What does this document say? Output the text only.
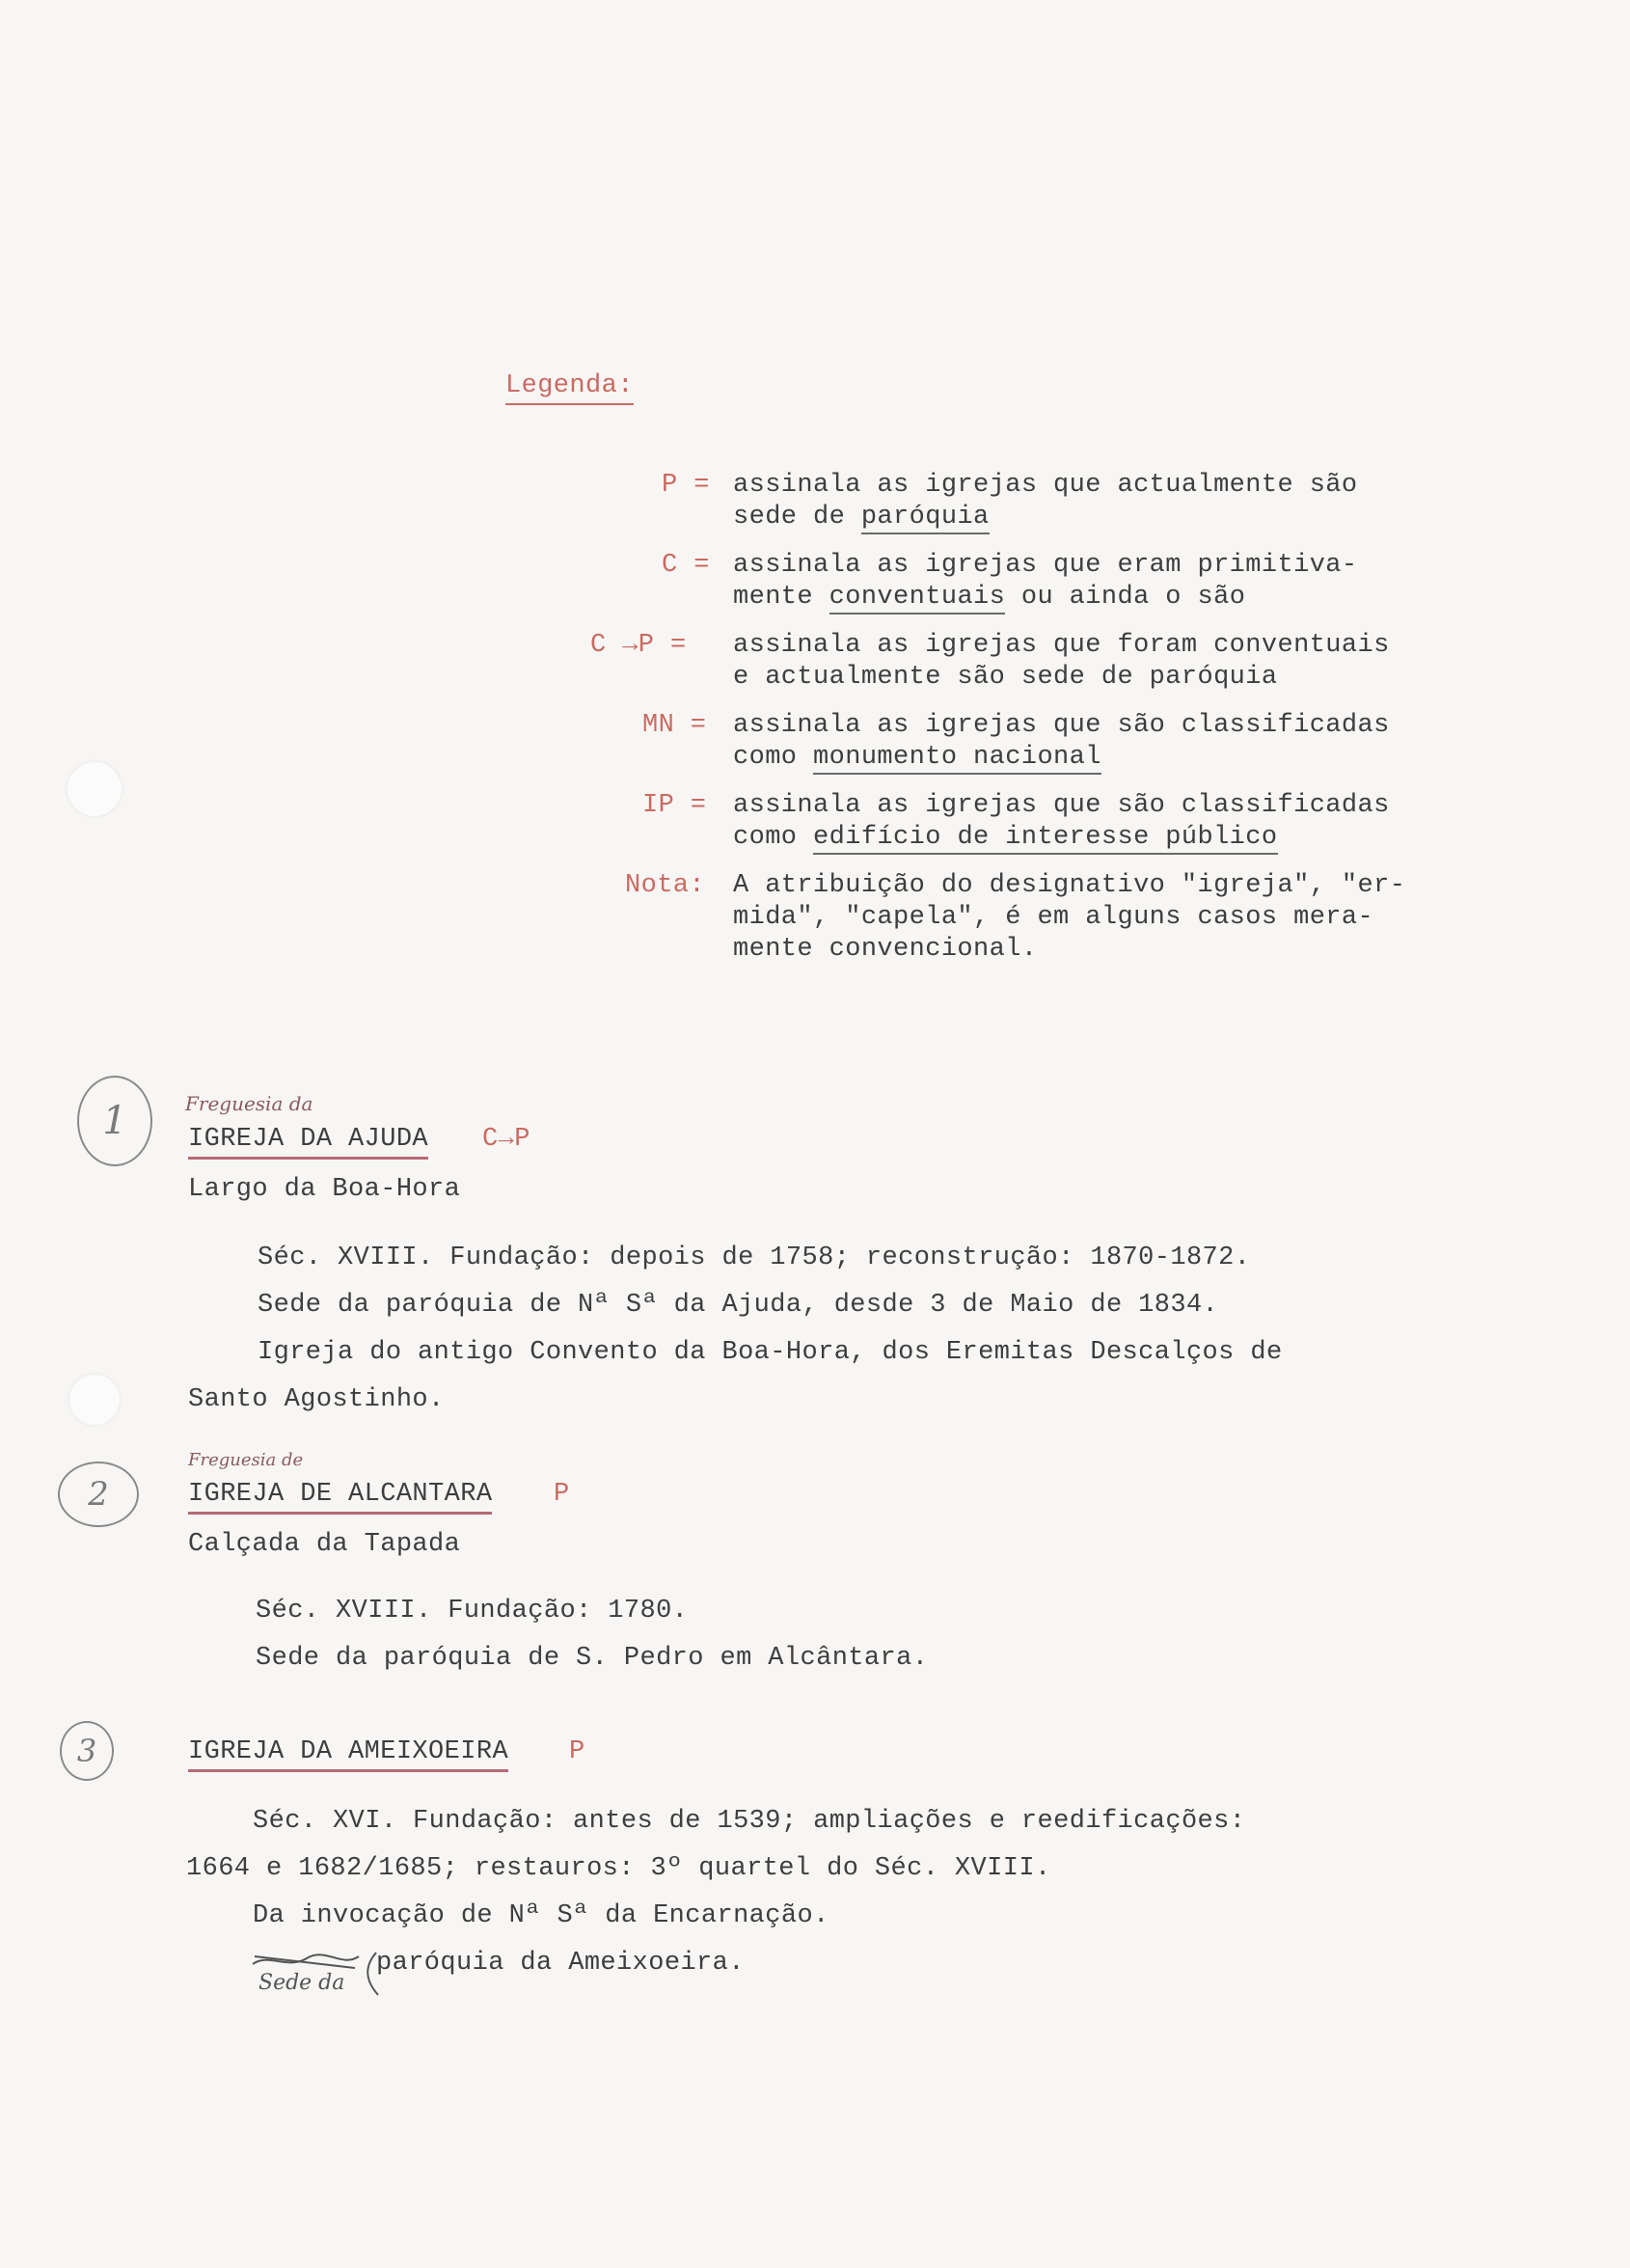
Legenda:
P = assinala as igrejas que actualmente são
sede de paróquia
C = assinala as igrejas que eram primitiva-
mente conventuais ou ainda o são
C →P = assinala as igrejas que foram conventuais
e actualmente são sede de paróquia
MN = assinala as igrejas que são classificadas
como monumento nacional
IP = assinala as igrejas que são classificadas
como edifício de interesse público
Nota: A atribuição do designativo "igreja", "er-
mida", "capela", é em alguns casos mera-
mente convencional.
1	Freguesia da
IGREJA DA AJUDA C→P
Largo da Boa-Hora
Séc. XVIII. Fundação: depois de 1758; reconstrução: 1870-1872.
Sede da paróquia de Nª Sª da Ajuda, desde 3 de Maio de 1834.
Igreja do antigo Convento da Boa-Hora, dos Eremitas Descalços de
Santo Agostinho.
2
Freguesia de
IGREJA DE ALCANTARA P
Calçada da Tapada
Séc. XVIII. Fundação: 1780.
Sede da paróquia de S. Pedro em Alcântara.
3	IGREJA DA AMEIXOEIRA P
Séc. XVI. Fundação: antes de 1539; ampliações e reedificações:
1664 e 1682/1685; restauros: 3º quartel do Séc. XVIII.
Da invocação de Nª Sª da Encarnação.
paróquia da Ameixoeira.
Sede da
